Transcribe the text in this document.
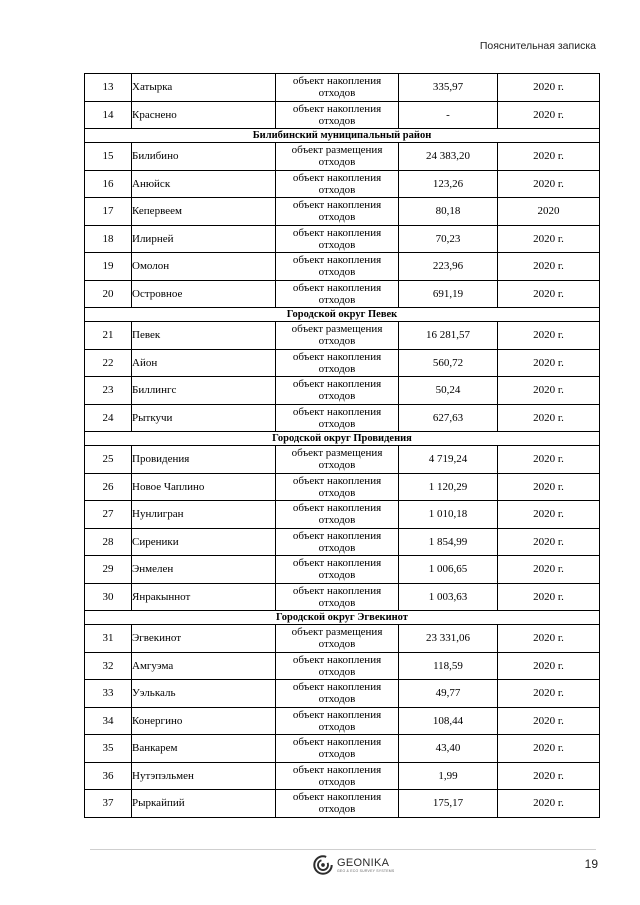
Пояснительная записка
13	Хатырка	объект накопления отходов	335,97	2020 г.
14	Краснено	объект накопления отходов	-	2020 г.
Билибинский муниципальный район				
15	Билибино	объект размещения отходов	24 383,20	2020 г.
16	Анюйск	объект накопления отходов	123,26	2020 г.
17	Кепервеем	объект накопления отходов	80,18	2020
18	Илирней	объект накопления отходов	70,23	2020 г.
19	Омолон	объект накопления отходов	223,96	2020 г.
20	Островное	объект накопления отходов	691,19	2020 г.
Городской округ Певек				
21	Певек	объект размещения отходов	16 281,57	2020 г.
22	Айон	объект накопления отходов	560,72	2020 г.
23	Биллингс	объект накопления отходов	50,24	2020 г.
24	Рыткучи	объект накопления отходов	627,63	2020 г.
Городской округ Провидения				
25	Провидения	объект размещения отходов	4 719,24	2020 г.
26	Новое Чаплино	объект накопления отходов	1 120,29	2020 г.
27	Нунлигран	объект накопления отходов	1 010,18	2020 г.
28	Сиреники	объект накопления отходов	1 854,99	2020 г.
29	Энмелен	объект накопления отходов	1 006,65	2020 г.
30	Янракыннот	объект накопления отходов	1 003,63	2020 г.
Городской округ Эгвекинот				
31	Эгвекинот	объект размещения отходов	23 331,06	2020 г.
32	Амгуэма	объект накопления отходов	118,59	2020 г.
33	Уэлькаль	объект накопления отходов	49,77	2020 г.
34	Конергино	объект накопления отходов	108,44	2020 г.
35	Ванкарем	объект накопления отходов	43,40	2020 г.
36	Нутэпэльмен	объект накопления отходов	1,99	2020 г.
37	Рыркайпий	объект накопления отходов	175,17	2020 г.
GEONIKA
GEO & ECO SURVEY SYSTEMS	19
